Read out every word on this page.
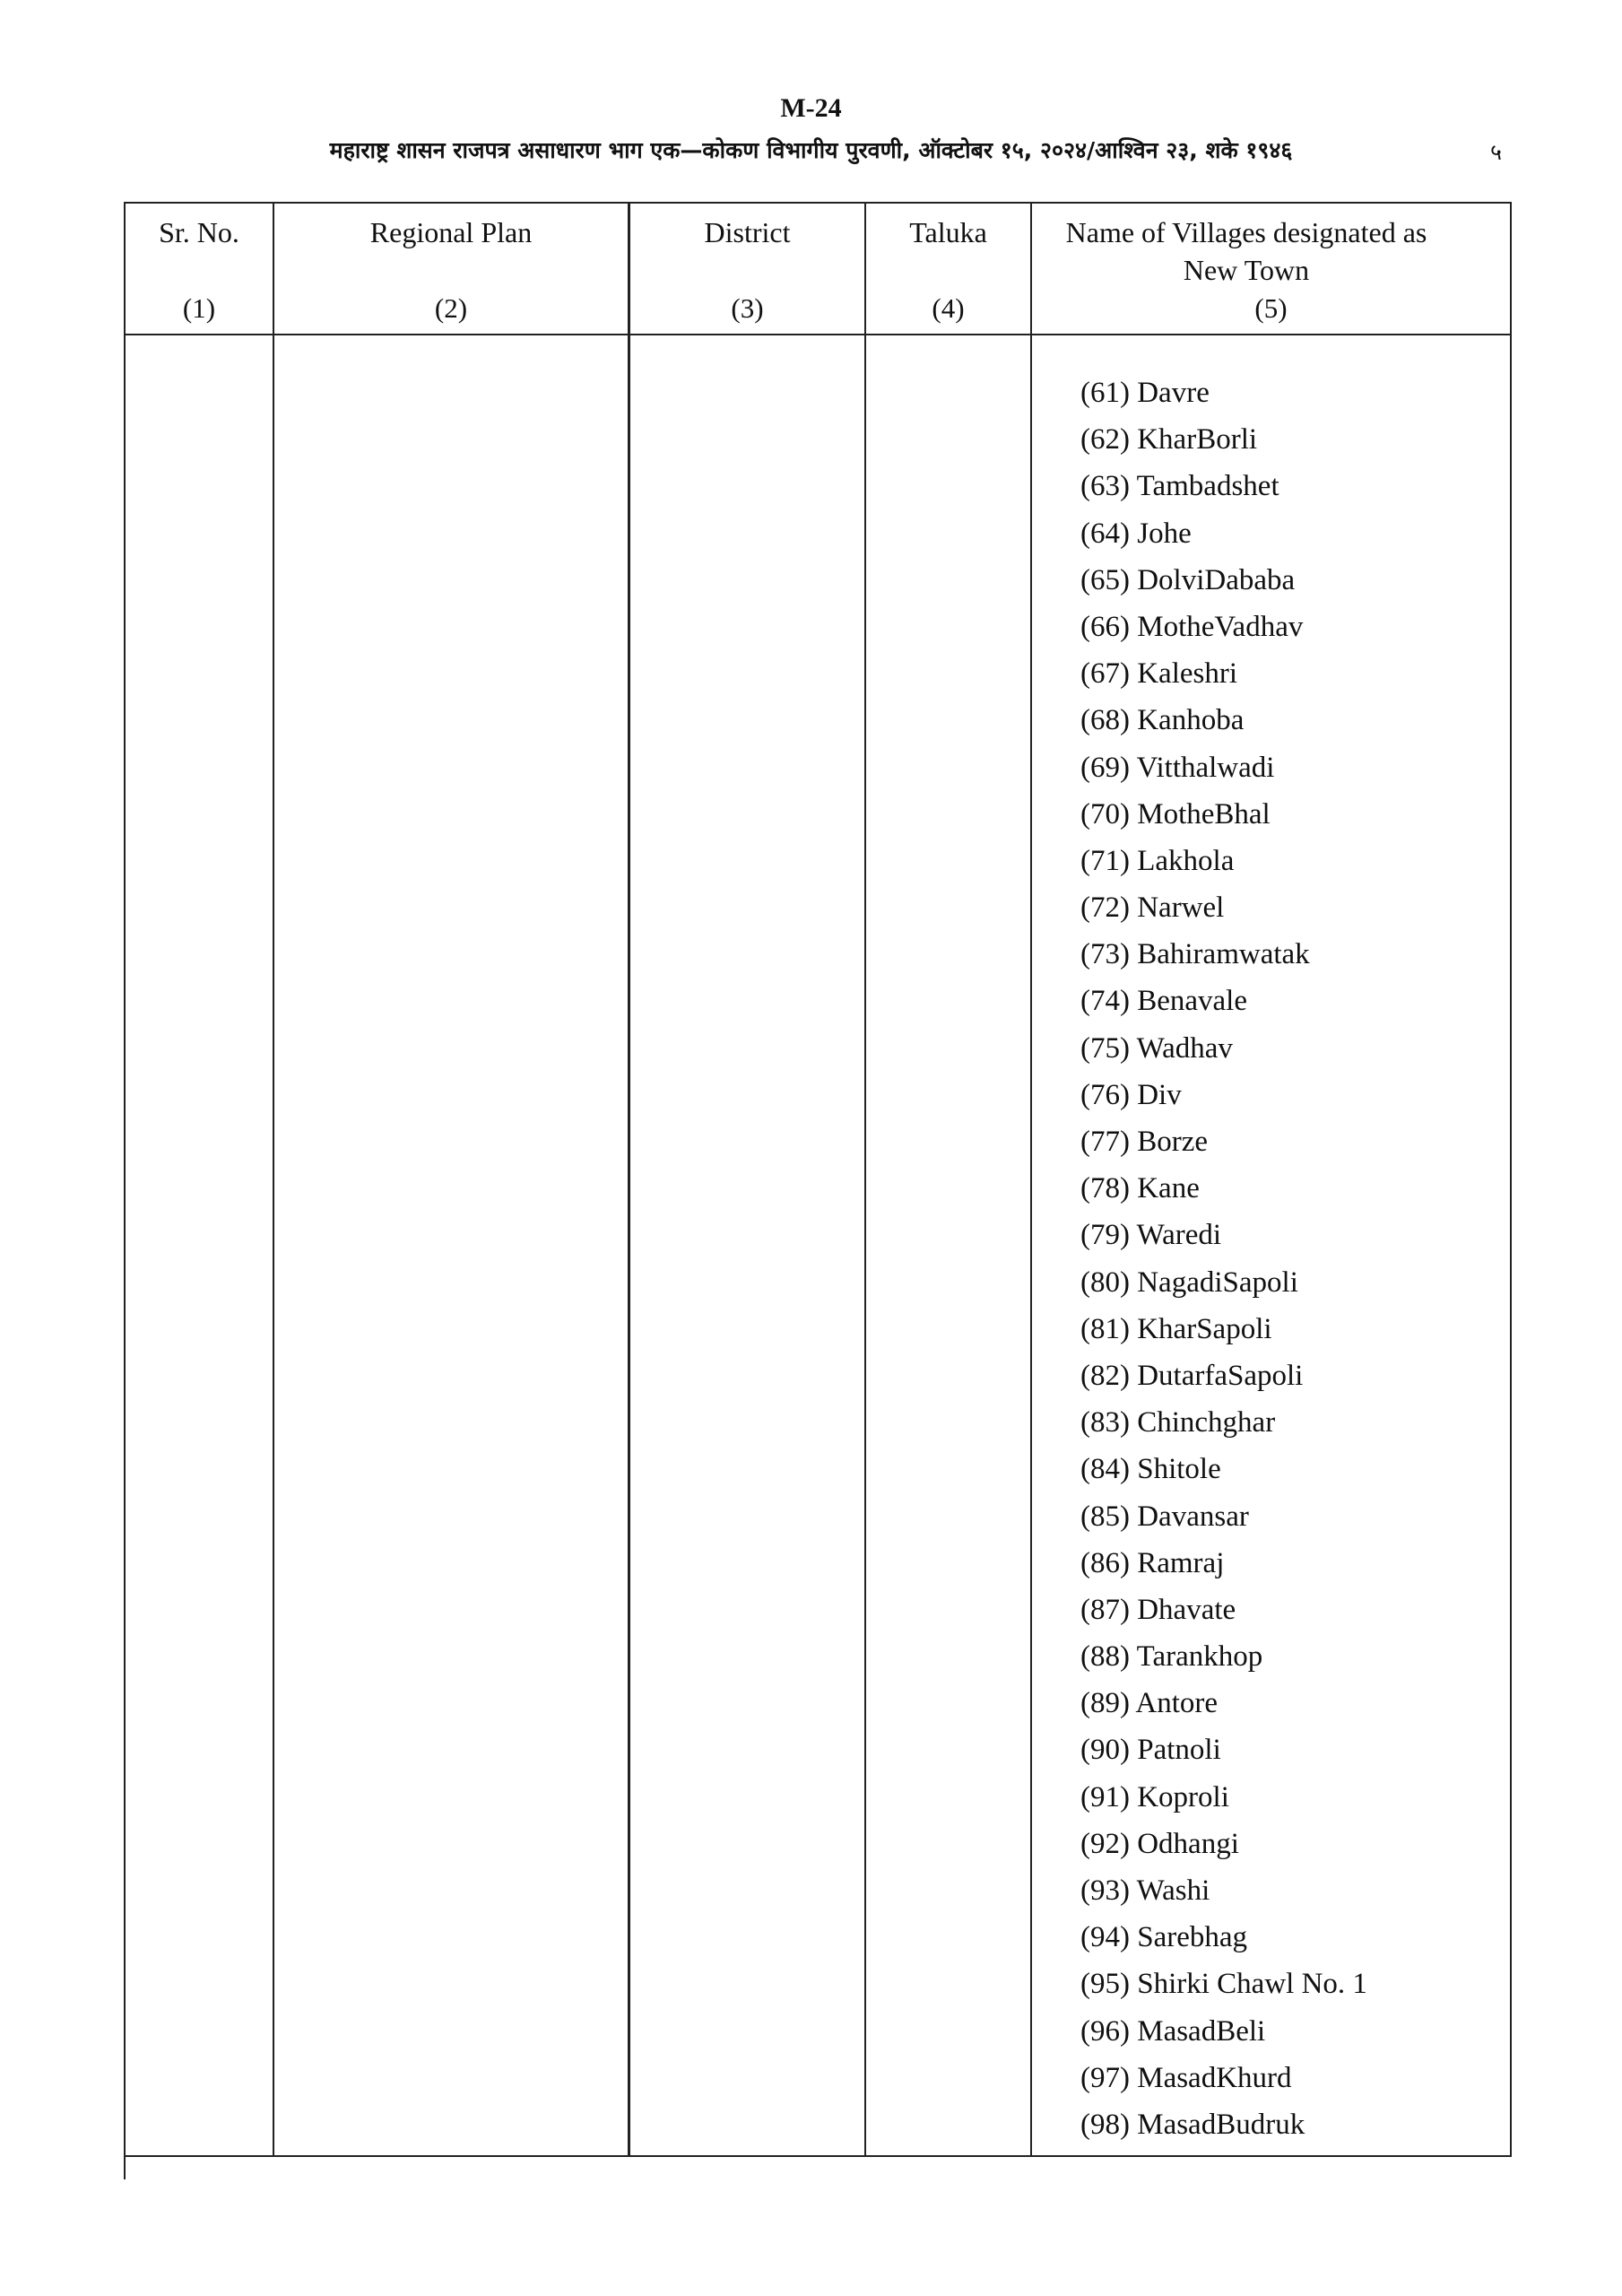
M-24
महाराष्ट्र शासन राजपत्र असाधारण भाग एक—कोकण विभागीय पुरवणी, ऑक्टोबर १५, २०२४/आश्विन २३, शके १९४६	५
Sr. No.	Regional Plan	District	Taluka	Name of Villages designated as New Town
(1)	(2)	(3)	(4)	(5)
(61) Davre
(62) KharBorli
(63) Tambadshet
(64) Johe
(65) DolviDababa
(66) MotheVadhav
(67) Kaleshri
(68) Kanhoba
(69) Vitthalwadi
(70) MotheBhal
(71) Lakhola
(72) Narwel
(73) Bahiramwatak
(74) Benavale
(75) Wadhav
(76) Div
(77) Borze
(78) Kane
(79) Waredi
(80) NagadiSapoli
(81) KharSapoli
(82) DutarfaSapoli
(83) Chinchghar
(84) Shitole
(85) Davansar
(86) Ramraj
(87) Dhavate
(88) Tarankhop
(89) Antore
(90) Patnoli
(91) Koproli
(92) Odhangi
(93) Washi
(94) Sarebhag
(95) Shirki Chawl No. 1
(96) MasadBeli
(97) MasadKhurd
(98) MasadBudruk
